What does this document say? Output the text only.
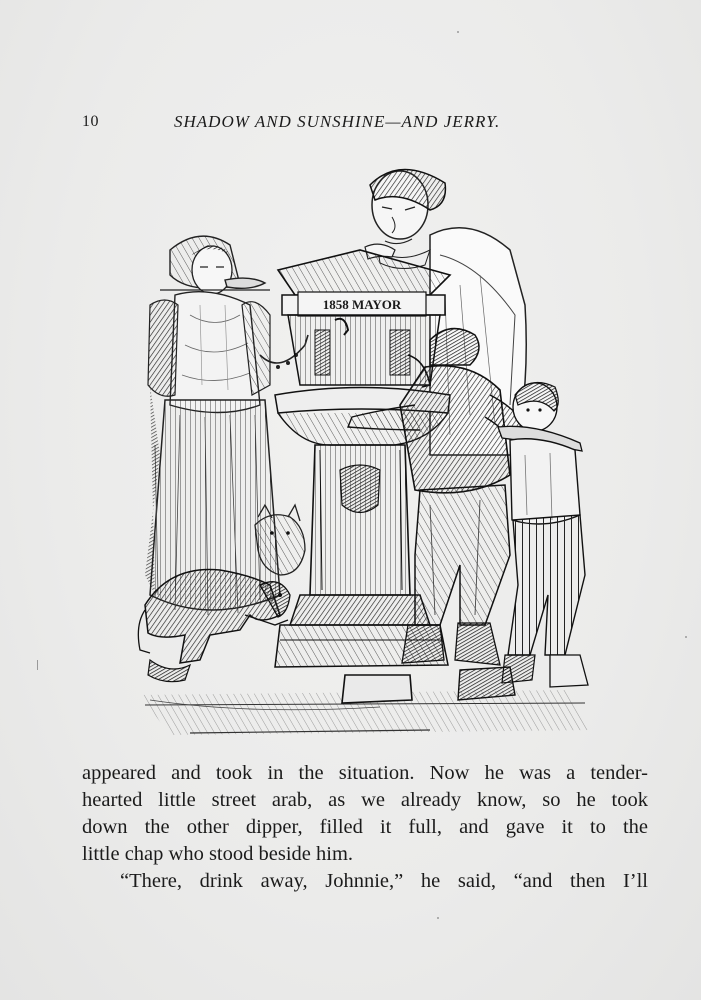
10	SHADOW AND SUNSHINE—AND JERRY.
1858 MAYOR
appeared and took in the situation. Now he was a tender-
hearted little street arab, as we already know, so he took
down the other dipper, filled it full, and gave it to the
little chap who stood beside him.
“There, drink away, Johnnie,” he said, “and then I’ll
